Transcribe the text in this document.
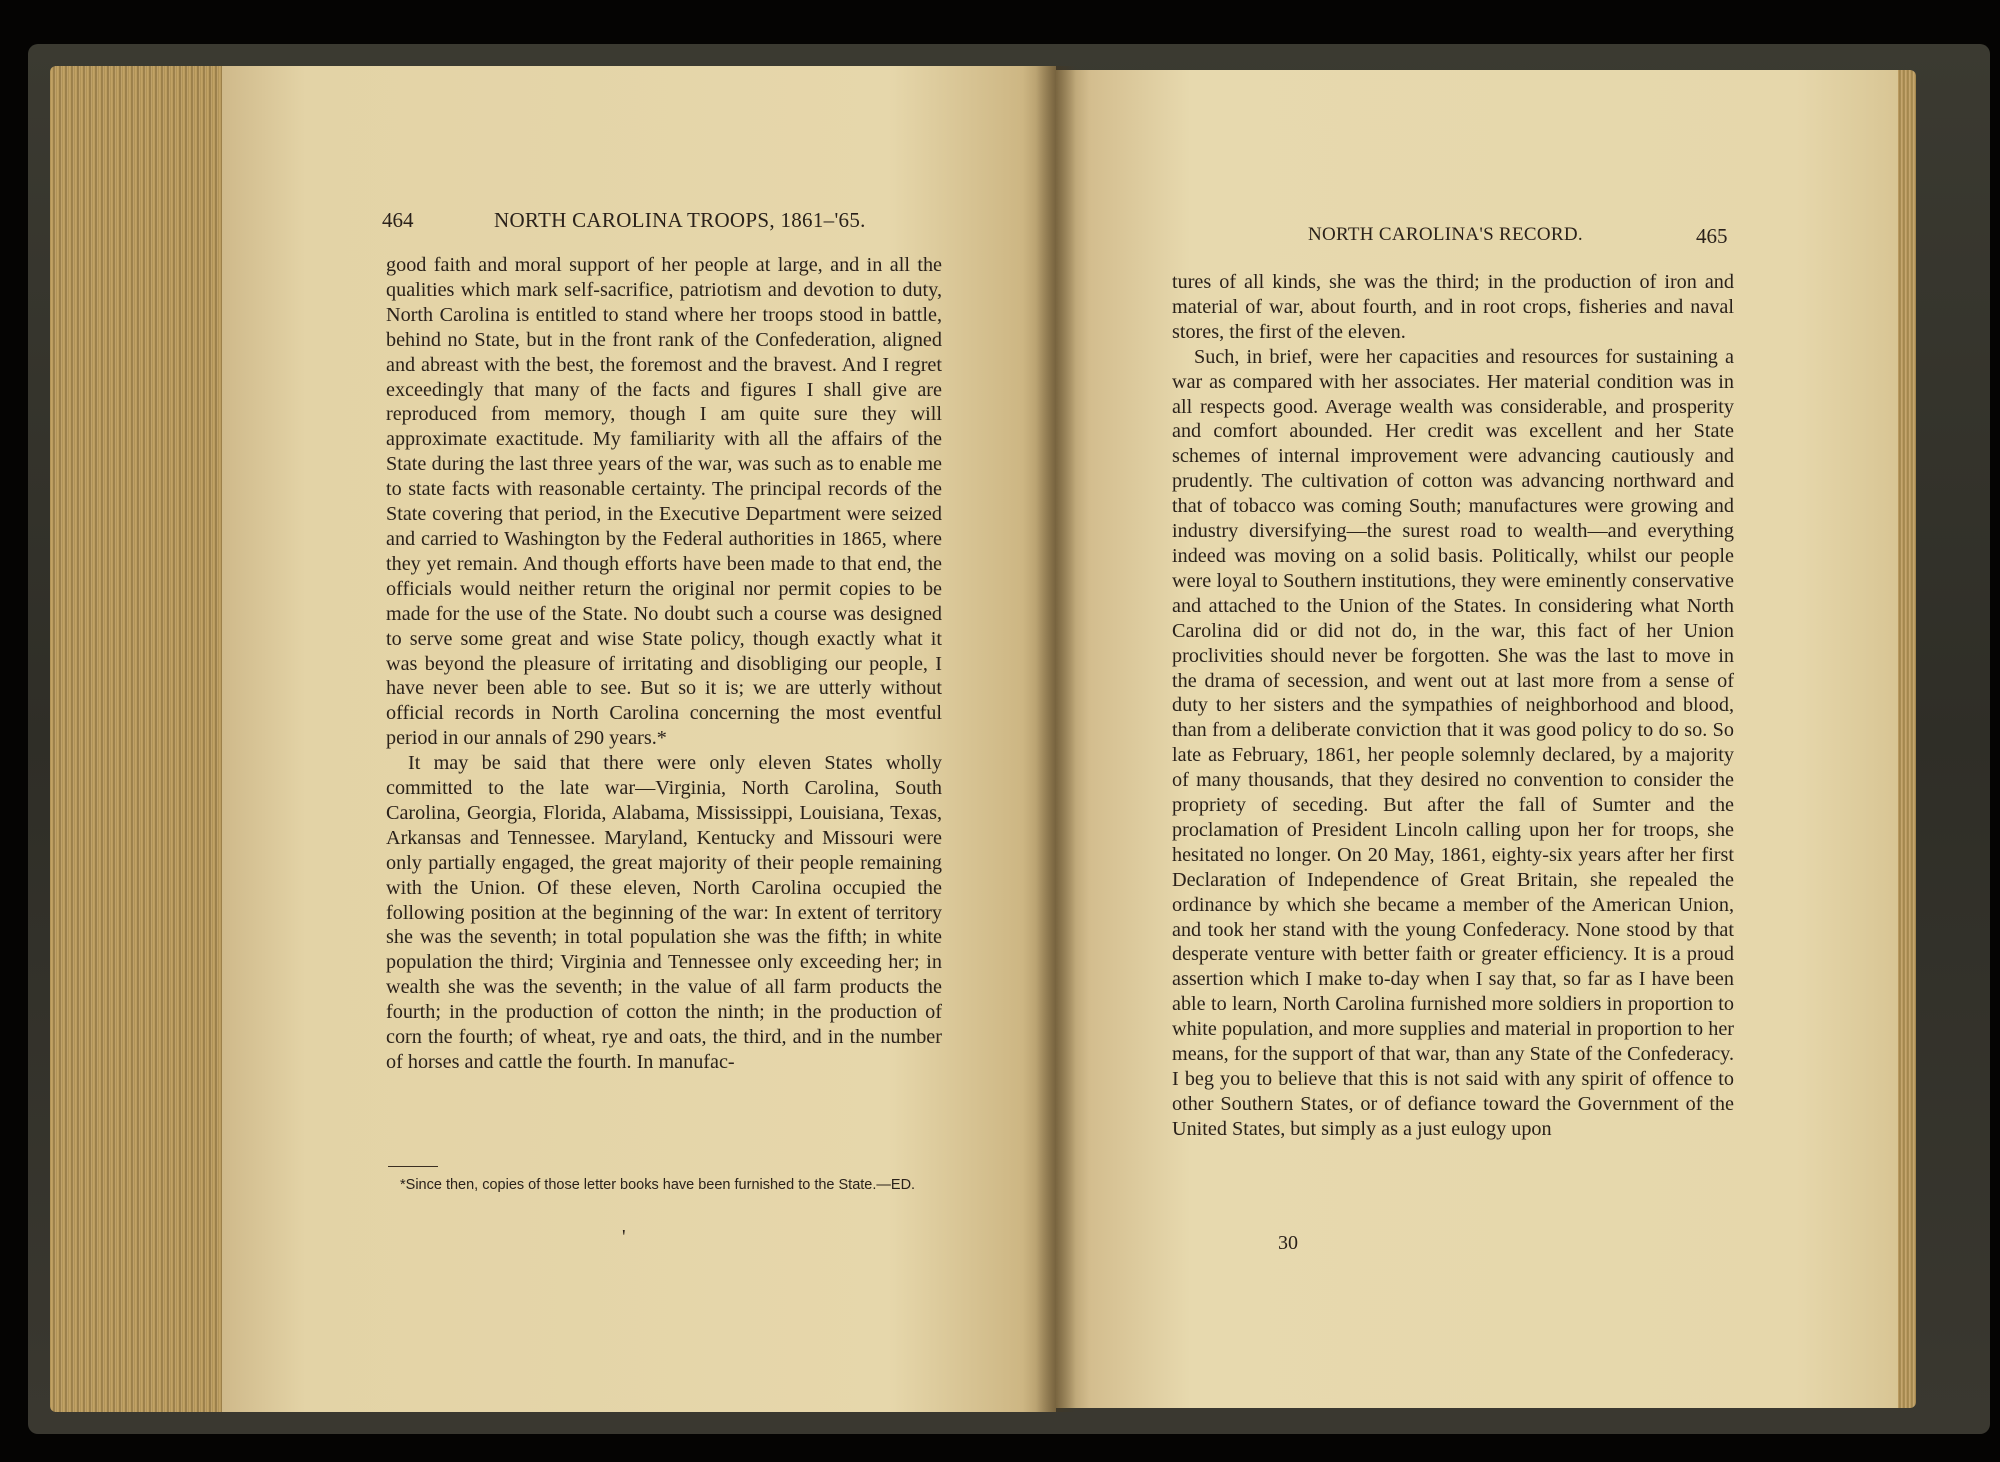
464	NORTH CAROLINA TROOPS, 1861–'65.

good faith and moral support of her people at large, and in all the qualities which mark self-sacrifice, patriotism and devotion to duty, North Carolina is entitled to stand where her troops stood in battle, behind no State, but in the front rank of the Confederation, aligned and abreast with the best, the foremost and the bravest. And I regret exceedingly that many of the facts and figures I shall give are reproduced from memory, though I am quite sure they will approximate exactitude. My familiarity with all the affairs of the State during the last three years of the war, was such as to enable me to state facts with reasonable certainty. The principal records of the State covering that period, in the Executive Department were seized and carried to Washington by the Federal authorities in 1865, where they yet remain. And though efforts have been made to that end, the officials would neither return the original nor permit copies to be made for the use of the State. No doubt such a course was designed to serve some great and wise State policy, though exactly what it was beyond the pleasure of irritating and disobliging our people, I have never been able to see. But so it is; we are utterly without official records in North Carolina concerning the most eventful period in our annals of 290 years.*

It may be said that there were only eleven States wholly committed to the late war—Virginia, North Carolina, South Carolina, Georgia, Florida, Alabama, Mississippi, Louisiana, Texas, Arkansas and Tennessee. Maryland, Kentucky and Missouri were only partially engaged, the great majority of their people remaining with the Union. Of these eleven, North Carolina occupied the following position at the beginning of the war: In extent of territory she was the seventh; in total population she was the fifth; in white population the third; Virginia and Tennessee only exceeding her; in wealth she was the seventh; in the value of all farm products the fourth; in the production of cotton the ninth; in the production of corn the fourth; of wheat, rye and oats, the third, and in the number of horses and cattle the fourth. In manufac-

*Since then, copies of those letter books have been furnished to the State.—ED.
'
NORTH CAROLINA'S RECORD.	465

tures of all kinds, she was the third; in the production of iron and material of war, about fourth, and in root crops, fisheries and naval stores, the first of the eleven.

Such, in brief, were her capacities and resources for sustaining a war as compared with her associates. Her material condition was in all respects good. Average wealth was considerable, and prosperity and comfort abounded. Her credit was excellent and her State schemes of internal improvement were advancing cautiously and prudently. The cultivation of cotton was advancing northward and that of tobacco was coming South; manufactures were growing and industry diversifying—the surest road to wealth—and everything indeed was moving on a solid basis. Politically, whilst our people were loyal to Southern institutions, they were eminently conservative and attached to the Union of the States. In considering what North Carolina did or did not do, in the war, this fact of her Union proclivities should never be forgotten. She was the last to move in the drama of secession, and went out at last more from a sense of duty to her sisters and the sympathies of neighborhood and blood, than from a deliberate conviction that it was good policy to do so. So late as February, 1861, her people solemnly declared, by a majority of many thousands, that they desired no convention to consider the propriety of seceding. But after the fall of Sumter and the proclamation of President Lincoln calling upon her for troops, she hesitated no longer. On 20 May, 1861, eighty-six years after her first Declaration of Independence of Great Britain, she repealed the ordinance by which she became a member of the American Union, and took her stand with the young Confederacy. None stood by that desperate venture with better faith or greater efficiency. It is a proud assertion which I make to-day when I say that, so far as I have been able to learn, North Carolina furnished more soldiers in proportion to white population, and more supplies and material in proportion to her means, for the support of that war, than any State of the Confederacy. I beg you to believe that this is not said with any spirit of offence to other Southern States, or of defiance toward the Government of the United States, but simply as a just eulogy upon

30
